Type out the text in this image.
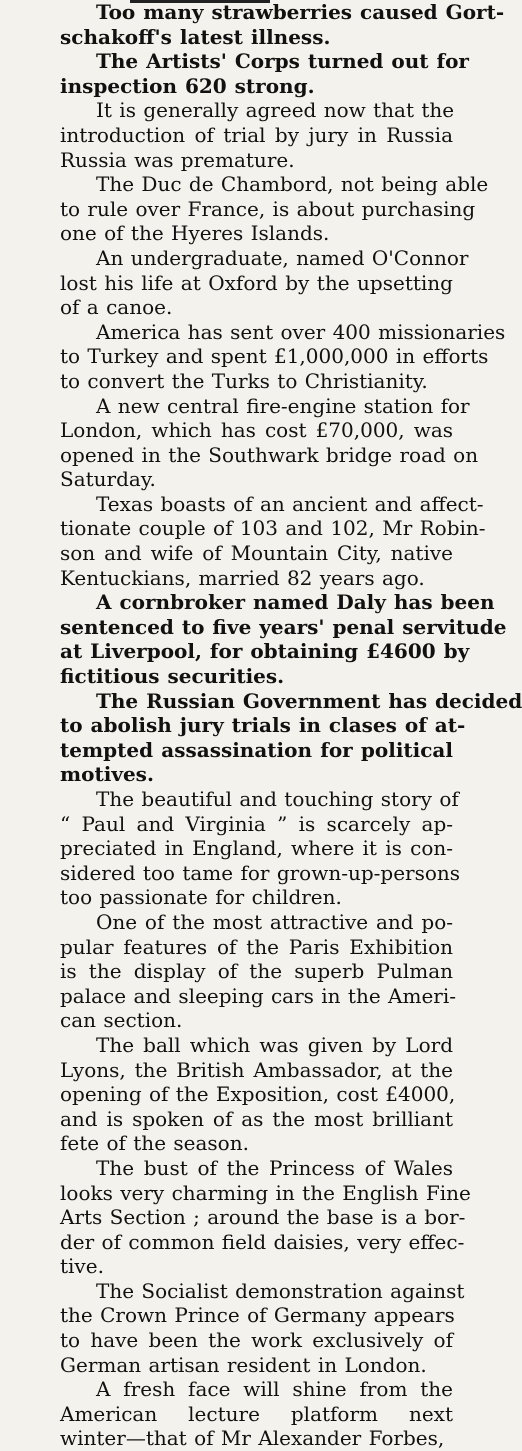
Too many strawberries caused Gort-
schakoff's latest illness.
The Artists' Corps turned out for
inspection 620 strong.
It is generally agreed now that the
introduction of trial by jury in Russia
Russia was premature.
The Duc de Chambord, not being able
to rule over France, is about purchasing
one of the Hyeres Islands.
An undergraduate, named O'Connor
lost his life at Oxford by the upsetting
of a canoe.
America has sent over 400 missionaries
to Turkey and spent £1,000,000 in efforts
to convert the Turks to Christianity.
A new central fire-engine station for
London, which has cost £70,000, was
opened in the Southwark bridge road on
Saturday.
Texas boasts of an ancient and affect-
tionate couple of 103 and 102, Mr Robin-
son and wife of Mountain City, native
Kentuckians, married 82 years ago.
A cornbroker named Daly has been
sentenced to five years' penal servitude
at Liverpool, for obtaining £4600 by
fictitious securities.
The Russian Government has decided
to abolish jury trials in clases of at-
tempted assassination for political
motives.
The beautiful and touching story of
“ Paul and Virginia ” is scarcely ap-
preciated in England, where it is con-
sidered too tame for grown-up-persons
too passionate for children.
One of the most attractive and po-
pular features of the Paris Exhibition
is the display of the superb Pulman
palace and sleeping cars in the Ameri-
can section.
The ball which was given by Lord
Lyons, the British Ambassador, at the
opening of the Exposition, cost £4000,
and is spoken of as the most brilliant
fete of the season.
The bust of the Princess of Wales
looks very charming in the English Fine
Arts Section ; around the base is a bor-
der of common field daisies, very effec-
tive.
The Socialist demonstration against
the Crown Prince of Germany appears
to have been the work exclusively of
German artisan resident in London.
A fresh face will shine from the
American lecture platform next
winter—that of Mr Alexander Forbes,
